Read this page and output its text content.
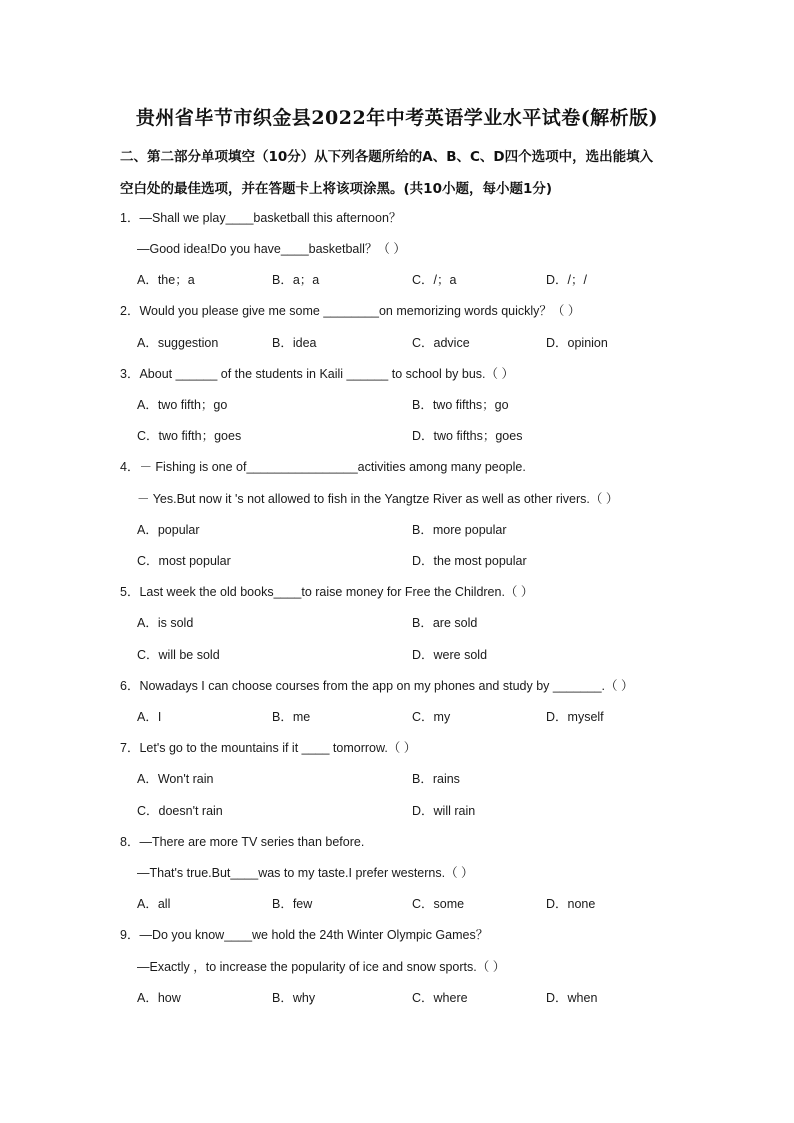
贵州省毕节市织金县2022年中考英语学业水平试卷(解析版)
二、第二部分单项填空（10分）从下列各题所给的A、B、C、D四个选项中，选出能填入
空白处的最佳选项，并在答题卡上将该项涂黑。(共10小题，每小题1分)
1．—Shall we play____basketball this afternoon？
—Good idea!Do you have____basketball？（ ）
A．the；a	B．a；a	C．/；a	D．/；/
2．Would you please give me some ________on memorizing words quickly？（ ）
A．suggestion	B．idea	C．advice	D．opinion
3．About ______ of the students in Kaili ______ to school by bus.（ ）
A．two fifth；go	B．two fifths；go
C．two fifth；goes	D．two fifths；goes
4．－ Fishing is one of________________activities among many people.
－ Yes.But now it 's not allowed to fish in the Yangtze River as well as other rivers.（ ）
A．popular	B．more popular
C．most popular	D．the most popular
5．Last week the old books____to raise money for Free the Children.（ ）
A．is sold	B．are sold
C．will be sold	D．were sold
6．Nowadays I can choose courses from the app on my phones and study by _______.（ ）
A．I	B．me	C．my	D．myself
7．Let's go to the mountains if it ____ tomorrow.（ ）
A．Won't rain	B．rains
C．doesn't rain	D．will rain
8．—There are more TV series than before.
—That's true.But____was to my taste.I prefer westerns.（ ）
A．all	B．few	C．some	D．none
9．—Do you know____we hold the 24th Winter Olympic Games？
—Exactly ，to increase the popularity of ice and snow sports.（ ）
A．how	B．why	C．where	D．when
